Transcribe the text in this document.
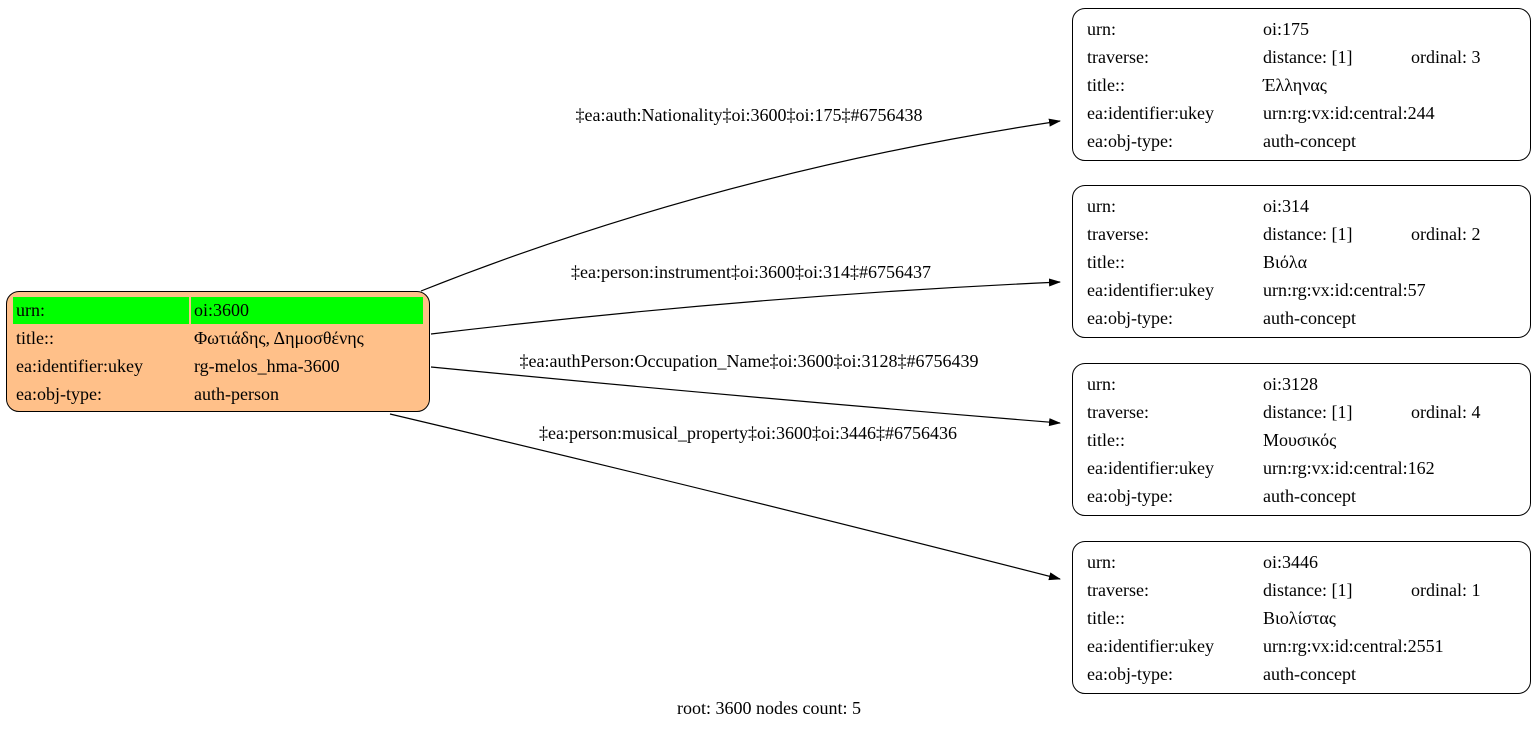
urn:	oi:3600
title::	Φωτιάδης, Δημοσθένης
ea:identifier:ukey	rg-melos_hma-3600
ea:obj-type:	auth-person
urn:	oi:175
traverse:	distance: [1]	ordinal: 3
title::	Έλληνας
ea:identifier:ukey	urn:rg:vx:id:central:244
ea:obj-type:	auth-concept
urn:	oi:314
traverse:	distance: [1]	ordinal: 2
title::	Βιόλα
ea:identifier:ukey	urn:rg:vx:id:central:57
ea:obj-type:	auth-concept
urn:	oi:3128
traverse:	distance: [1]	ordinal: 4
title::	Μουσικός
ea:identifier:ukey	urn:rg:vx:id:central:162
ea:obj-type:	auth-concept
urn:	oi:3446
traverse:	distance: [1]	ordinal: 1
title::	Βιολίστας
ea:identifier:ukey	urn:rg:vx:id:central:2551
ea:obj-type:	auth-concept
‡ea:auth:Nationality‡oi:3600‡oi:175‡#6756438
‡ea:person:instrument‡oi:3600‡oi:314‡#6756437
‡ea:authPerson:Occupation_Name‡oi:3600‡oi:3128‡#6756439
‡ea:person:musical_property‡oi:3600‡oi:3446‡#6756436
root: 3600 nodes count: 5
